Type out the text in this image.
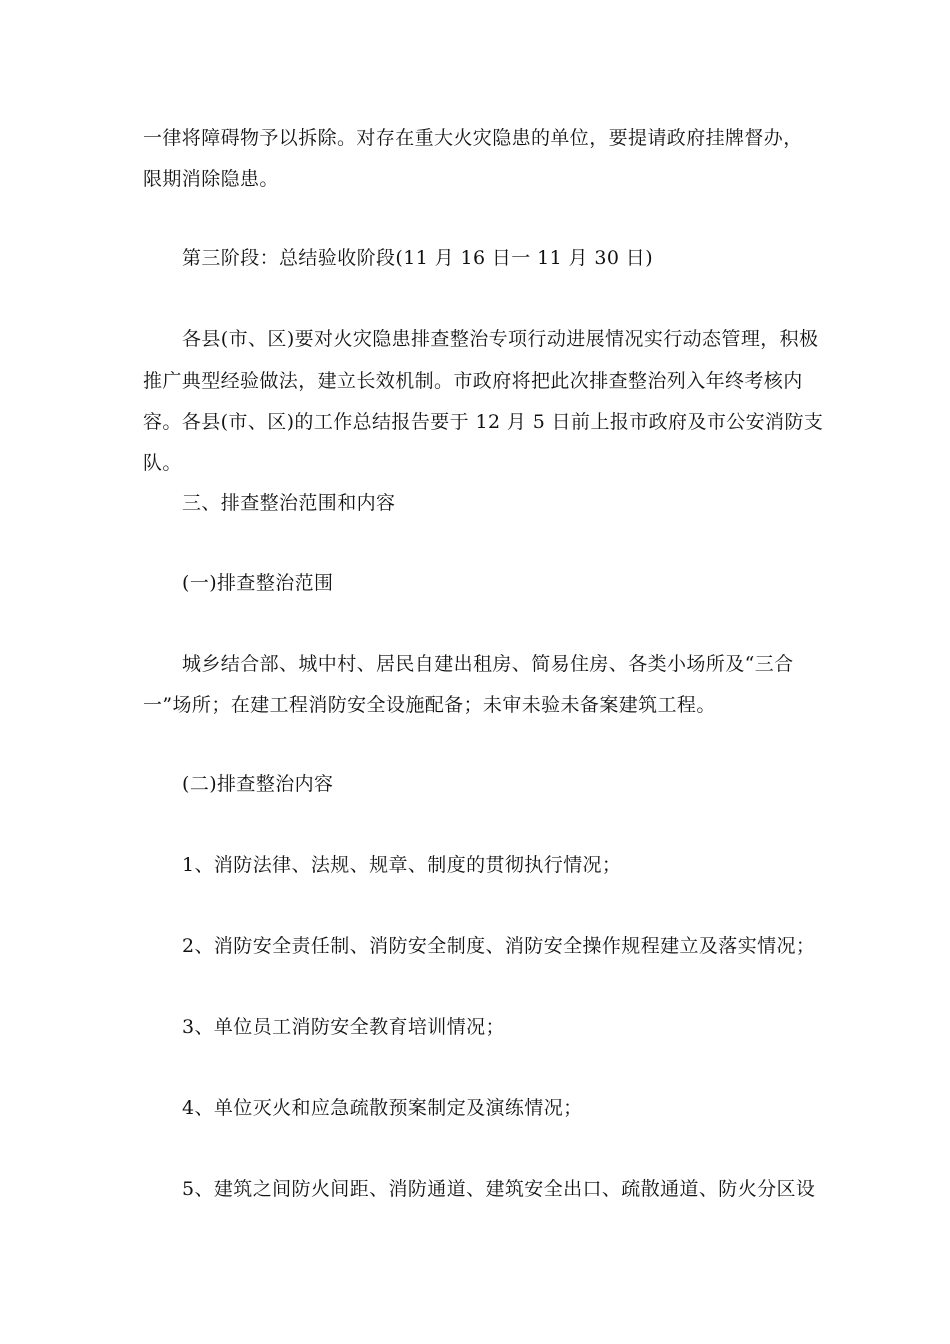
一律将障碍物予以拆除。对存在重大火灾隐患的单位，要提请政府挂牌督办，
限期消除隐患。
第三阶段：总结验收阶段(11 月 16 日一 11 月 30 日)
各县(市、区)要对火灾隐患排查整治专项行动进展情况实行动态管理，积极
推广典型经验做法，建立长效机制。市政府将把此次排查整治列入年终考核内
容。各县(市、区)的工作总结报告要于 12 月 5 日前上报市政府及市公安消防支
队。
三、排查整治范围和内容
(一)排查整治范围
城乡结合部、城中村、居民自建出租房、简易住房、各类小场所及“三合
一”场所；在建工程消防安全设施配备；未审未验未备案建筑工程。
(二)排查整治内容
1、消防法律、法规、规章、制度的贯彻执行情况；
2、消防安全责任制、消防安全制度、消防安全操作规程建立及落实情况；
3、单位员工消防安全教育培训情况；
4、单位灭火和应急疏散预案制定及演练情况；
5、建筑之间防火间距、消防通道、建筑安全出口、疏散通道、防火分区设
